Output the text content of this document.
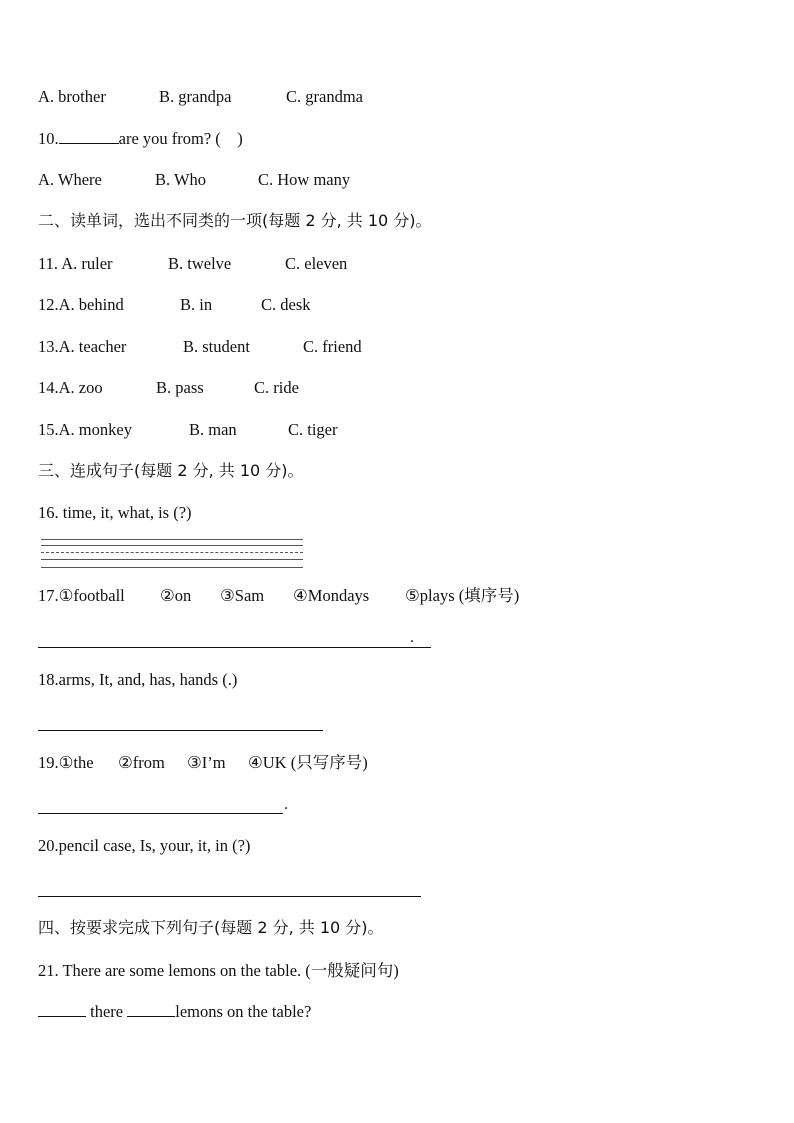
A. brother	B. grandpa	C. grandma
10.	are you from? (    )
A. Where	B. Who	C. How many
二、读单词，选出不同类的一项(每题 2 分, 共 10 分)。
11. A. ruler	B. twelve	C. eleven
12.A. behind	B. in	C. desk
13.A. teacher	B. student	C. friend
14.A. zoo	B. pass	C. ride
15.A. monkey	B. man	C. tiger
三、连成句子(每题 2 分, 共 10 分)。
16. time, it, what, is (?)
17.①football ②on ③Sam ④Mondays ⑤plays (填序号)
.
18.arms, It, and, has, hands (.)
19.①the ②from ③I’m ④UK (只写序号)
.
20.pencil case, Is, your, it, in (?)
四、按要求完成下列句子(每题 2 分, 共 10 分)。
21. There are some lemons on the table. (一般疑问句)
there	lemons on the table?
